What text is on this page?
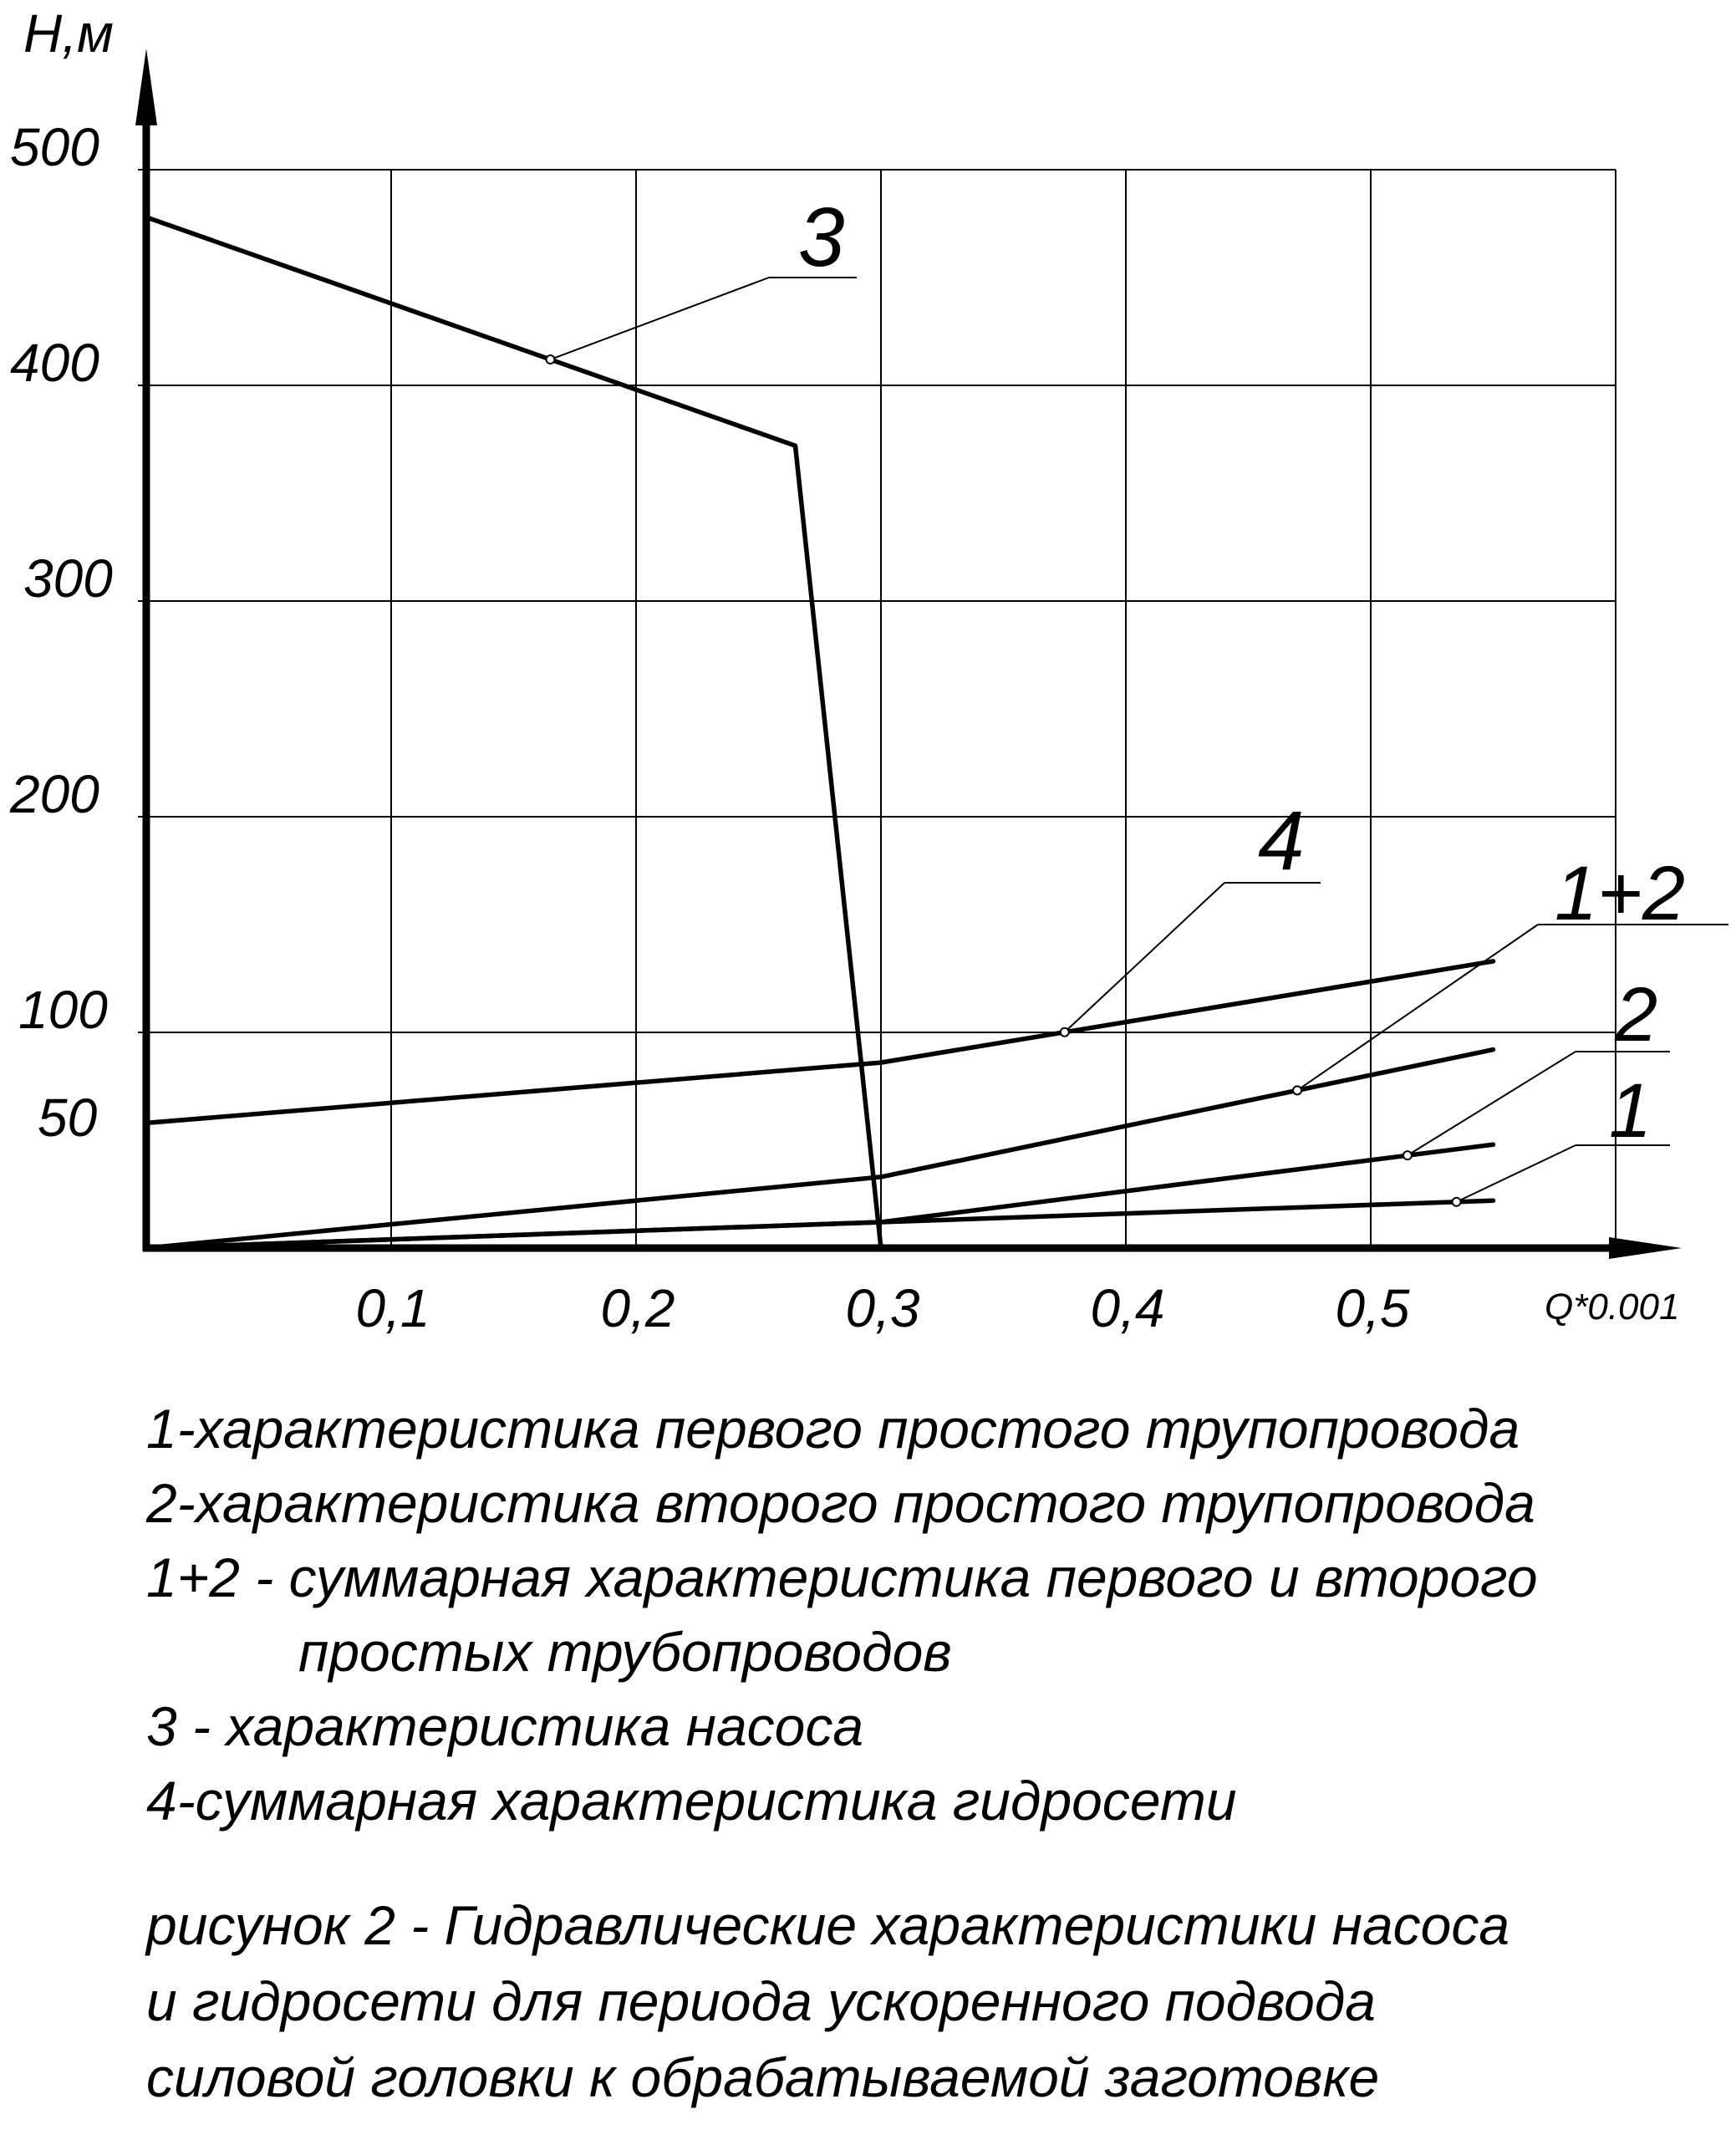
50
100
200
300
400
500
0,1	0,2	0,3	0,4	0,5
3
4
1+2
2
1
H,м
Q*0.001
1-характеристика первого простого трупопровода
2-характеристика второго простого трупопровода
1+2 - суммарная характеристика первого и второго
простых трубопроводов
3 - характеристика насоса
4-суммарная характеристика гидросети
рисунок 2 - Гидравлические характеристики насоса
и гидросети для периода ускоренного подвода
силовой головки к обрабатываемой заготовке
